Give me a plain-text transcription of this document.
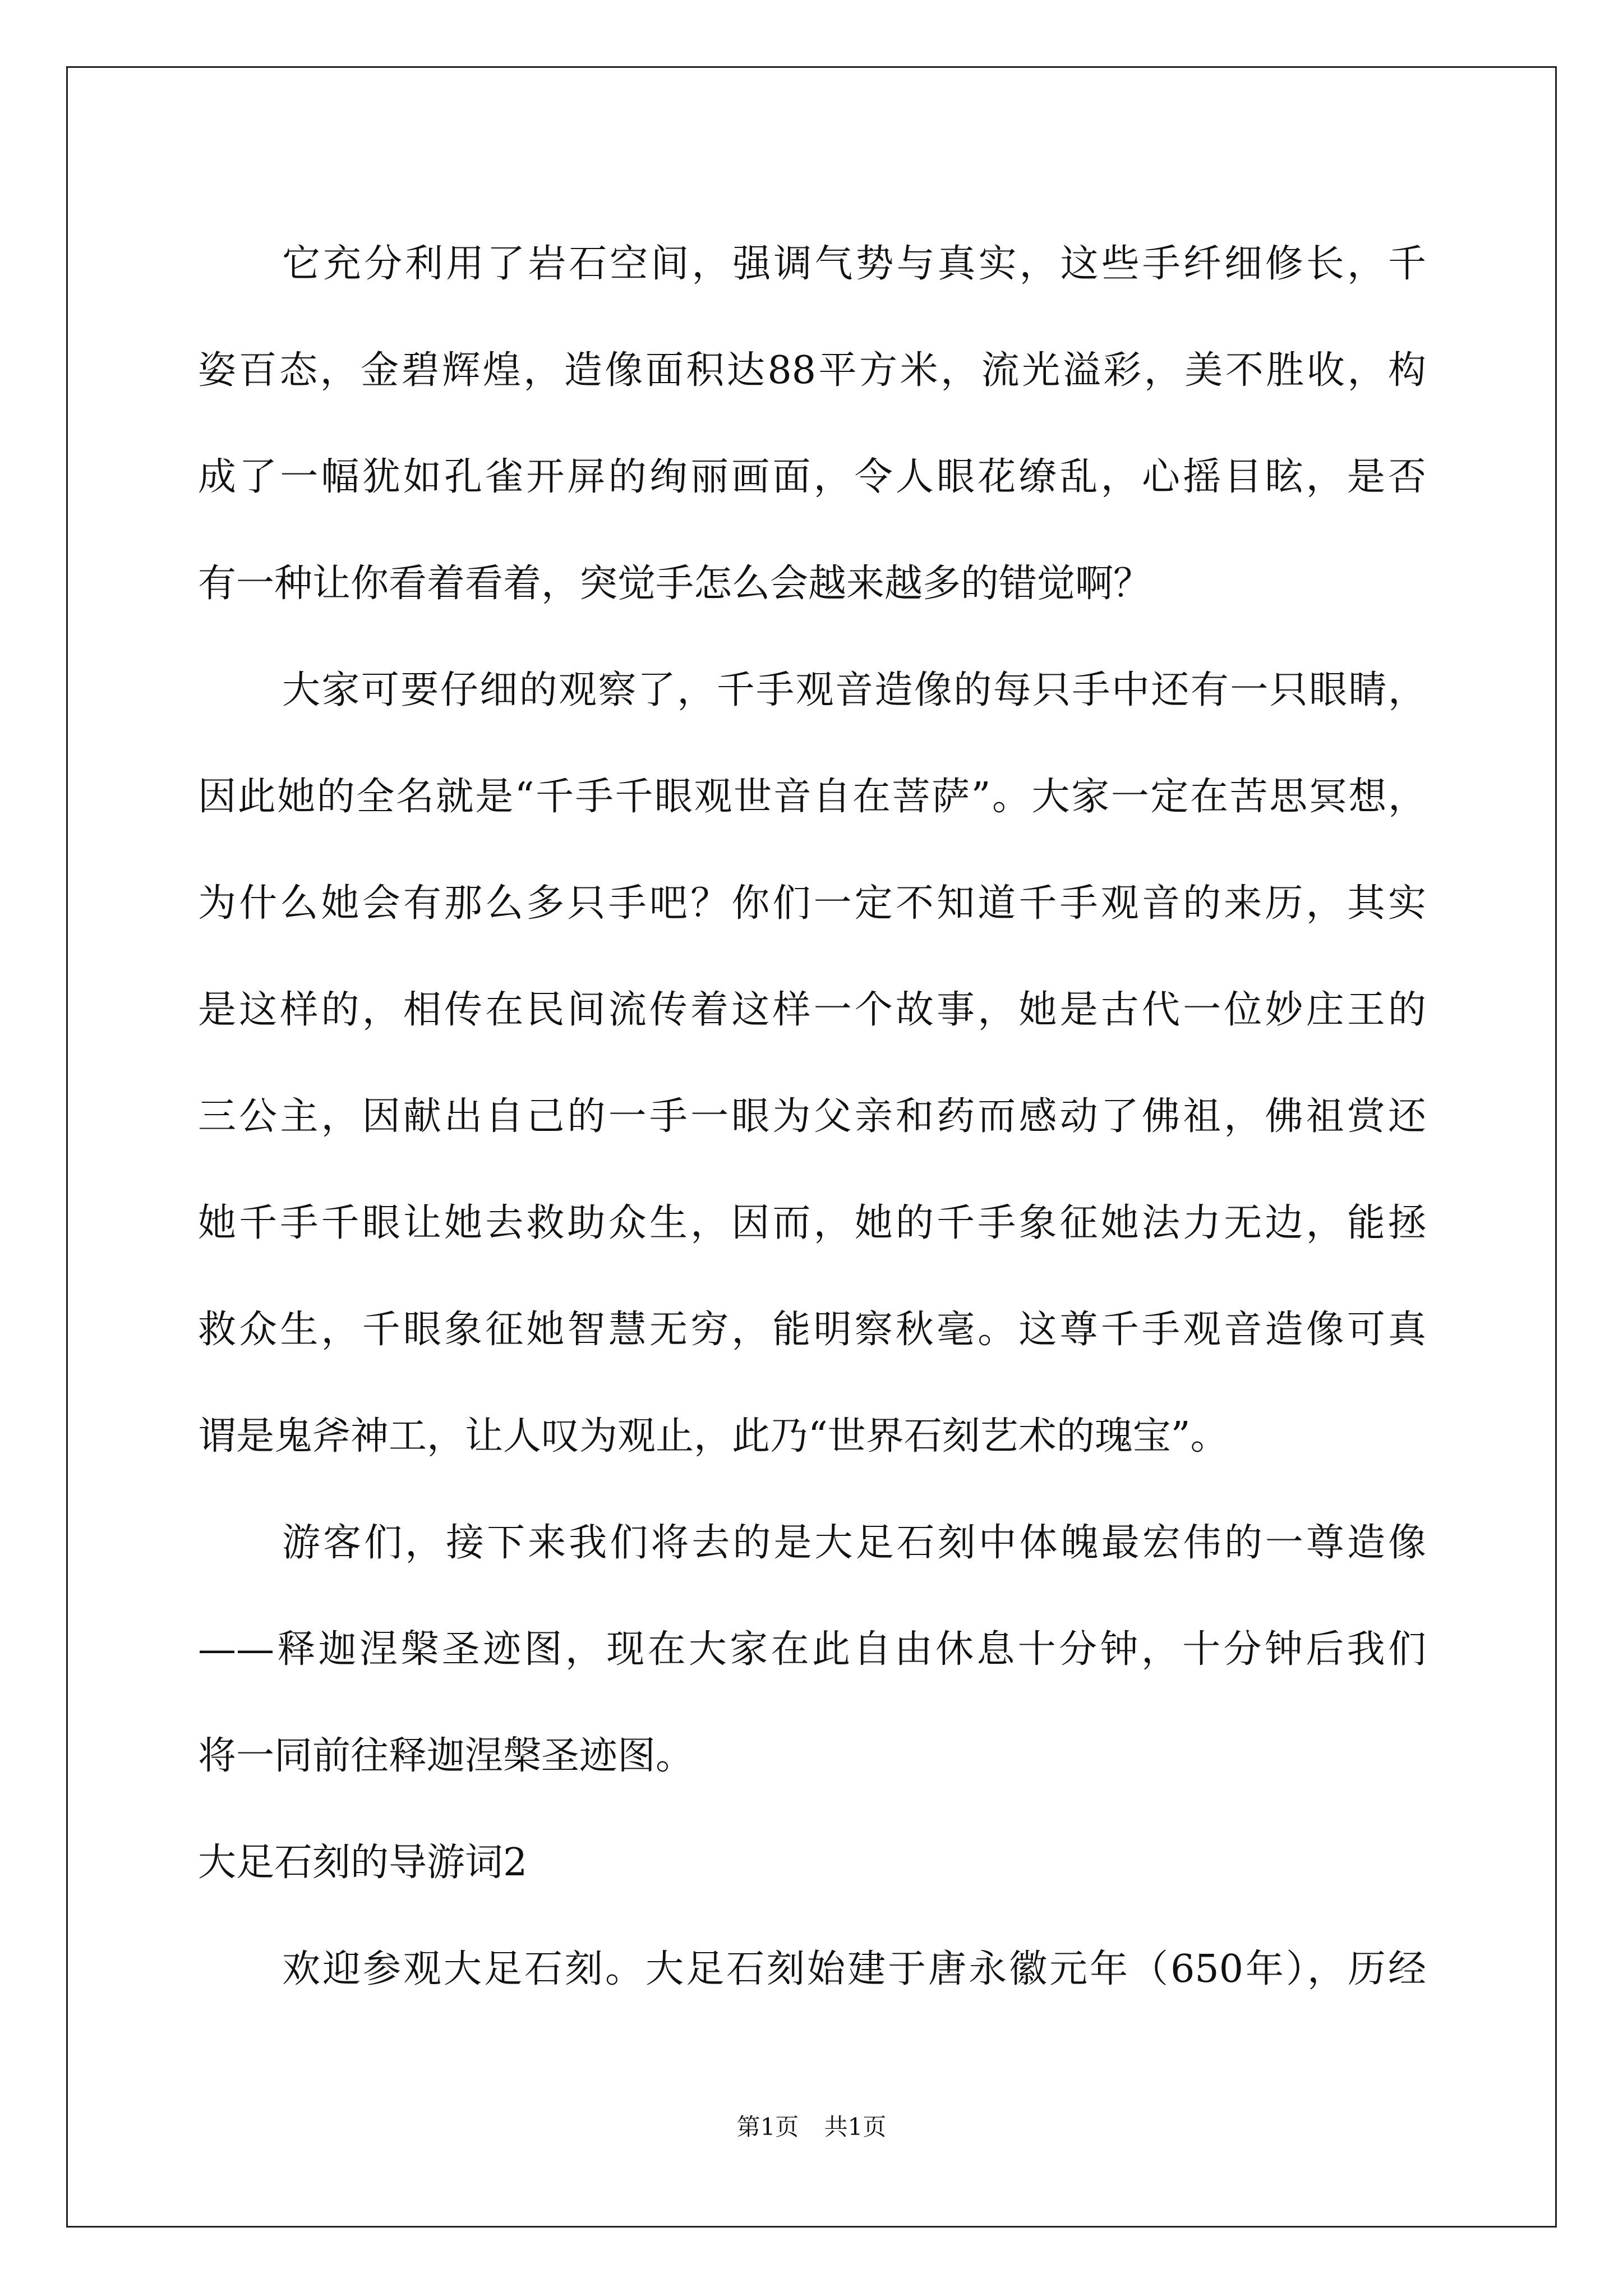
它充分利用了岩石空间，强调气势与真实，这些手纤细修长，千
姿百态，金碧辉煌，造像面积达88平方米，流光溢彩，美不胜收，构
成了一幅犹如孔雀开屏的绚丽画面，令人眼花缭乱，心摇目眩，是否
有一种让你看着看着，突觉手怎么会越来越多的错觉啊？
大家可要仔细的观察了，千手观音造像的每只手中还有一只眼睛，
因此她的全名就是“千手千眼观世音自在菩萨”。大家一定在苦思冥想，
为什么她会有那么多只手吧？你们一定不知道千手观音的来历，其实
是这样的，相传在民间流传着这样一个故事，她是古代一位妙庄王的
三公主，因献出自己的一手一眼为父亲和药而感动了佛祖，佛祖赏还
她千手千眼让她去救助众生，因而，她的千手象征她法力无边，能拯
救众生，千眼象征她智慧无穷，能明察秋毫。这尊千手观音造像可真
谓是鬼斧神工，让人叹为观止，此乃“世界石刻艺术的瑰宝”。
游客们，接下来我们将去的是大足石刻中体魄最宏伟的一尊造像
——释迦涅槃圣迹图，现在大家在此自由休息十分钟，十分钟后我们
将一同前往释迦涅槃圣迹图。
大足石刻的导游词2
欢迎参观大足石刻。大足石刻始建于唐永徽元年（650年），历经
第1页 共1页
